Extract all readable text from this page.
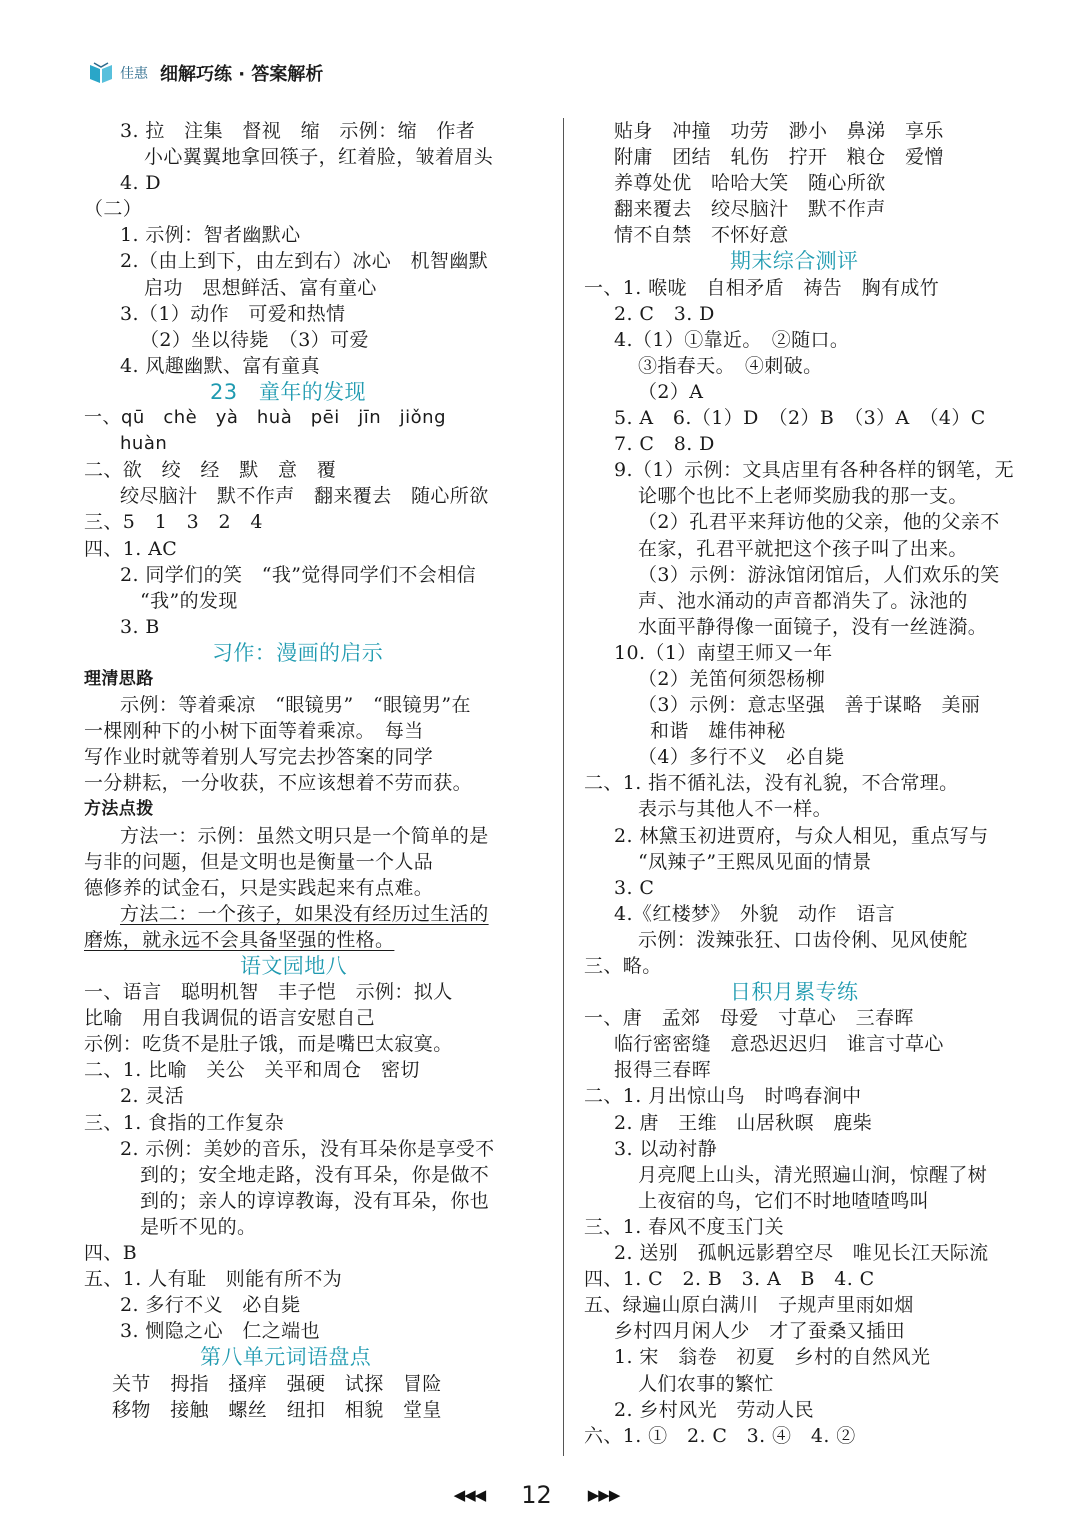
佳惠 细解巧练 · 答案解析
3. 拉　注集　督视　缩　示例：缩　作者
小心翼翼地拿回筷子，红着脸，皱着眉头
4. D
（二）
1. 示例：智者幽默心
2.（由上到下，由左到右）冰心　机智幽默
启功　思想鲜活、富有童心
3.（1）动作　可爱和热情
（2）坐以待毙　（3）可爱
4. 风趣幽默、富有童真
23　童年的发现
一、qū　chè　yà　huà　pēi　jīn　jiǒng
huàn
二、欲　绞　经　默　意　覆
绞尽脑汁　默不作声　翻来覆去　随心所欲
三、5　1　3　2　4
四、1. AC
2. 同学们的笑　“我”觉得同学们不会相信
“我”的发现
3. B
习作：漫画的启示
理清思路
示例：等着乘凉　“眼镜男”　“眼镜男”在
一棵刚种下的小树下面等着乘凉。　每当
写作业时就等着别人写完去抄答案的同学
一分耕耘，一分收获，不应该想着不劳而获。
方法点拨
方法一：示例：虽然文明只是一个简单的是
与非的问题，但是文明也是衡量一个人品
德修养的试金石，只是实践起来有点难。
方法二：一个孩子，如果没有经历过生活的
磨炼，就永远不会具备坚强的性格。
语文园地八
一、语言　聪明机智　丰子恺　示例：拟人
比喻　用自我调侃的语言安慰自己
示例：吃货不是肚子饿，而是嘴巴太寂寞。
二、1. 比喻　关公　关平和周仓　密切
2. 灵活
三、1. 食指的工作复杂
2. 示例：美妙的音乐，没有耳朵你是享受不
到的；安全地走路，没有耳朵，你是做不
到的；亲人的谆谆教诲，没有耳朵，你也
是听不见的。
四、B
五、1. 人有耻　则能有所不为
2. 多行不义　必自毙
3. 恻隐之心　仁之端也
第八单元词语盘点
关节　拇指　搔痒　强硬　试探　冒险
移物　接触　螺丝　纽扣　相貌　堂皇
贴身　冲撞　功劳　渺小　鼻涕　享乐
附庸　团结　轧伤　拧开　粮仓　爱憎
养尊处优　哈哈大笑　随心所欲
翻来覆去　绞尽脑汁　默不作声
情不自禁　不怀好意
期末综合测评
一、1. 喉咙　自相矛盾　祷告　胸有成竹
2. C　3. D
4.（1）①靠近。　②随口。
③指春天。　④刺破。
（2）A
5. A　6.（1）D　（2）B　（3）A　（4）C
7. C　8. D
9.（1）示例：文具店里有各种各样的钢笔，无
论哪个也比不上老师奖励我的那一支。
（2）孔君平来拜访他的父亲，他的父亲不
在家，孔君平就把这个孩子叫了出来。
（3）示例：游泳馆闭馆后，人们欢乐的笑
声、池水涌动的声音都消失了。泳池的
水面平静得像一面镜子，没有一丝涟漪。
10.（1）南望王师又一年
（2）羌笛何须怨杨柳
（3）示例：意志坚强　善于谋略　美丽
和谐　雄伟神秘
（4）多行不义　必自毙
二、1. 指不循礼法，没有礼貌，不合常理。
表示与其他人不一样。
2. 林黛玉初进贾府，与众人相见，重点写与
“凤辣子”王熙凤见面的情景
3. C
4.《红楼梦》　外貌　动作　语言
示例：泼辣张狂、口齿伶俐、见风使舵
三、略。
日积月累专练
一、唐　孟郊　母爱　寸草心　三春晖
临行密密缝　意恐迟迟归　谁言寸草心
报得三春晖
二、1. 月出惊山鸟　时鸣春涧中
2. 唐　王维　山居秋暝　鹿柴
3. 以动衬静
月亮爬上山头，清光照遍山涧，惊醒了树
上夜宿的鸟，它们不时地喳喳鸣叫
三、1. 春风不度玉门关
2. 送别　孤帆远影碧空尽　唯见长江天际流
四、1. C　2. B　3. A　B　4. C
五、绿遍山原白满川　子规声里雨如烟
乡村四月闲人少　才了蚕桑又插田
1. 宋　翁卷　初夏　乡村的自然风光
人们农事的繁忙
2. 乡村风光　劳动人民
六、1. ①　2. C　3. ④　4. ②
◀◀◀ 12 ▶▶▶
